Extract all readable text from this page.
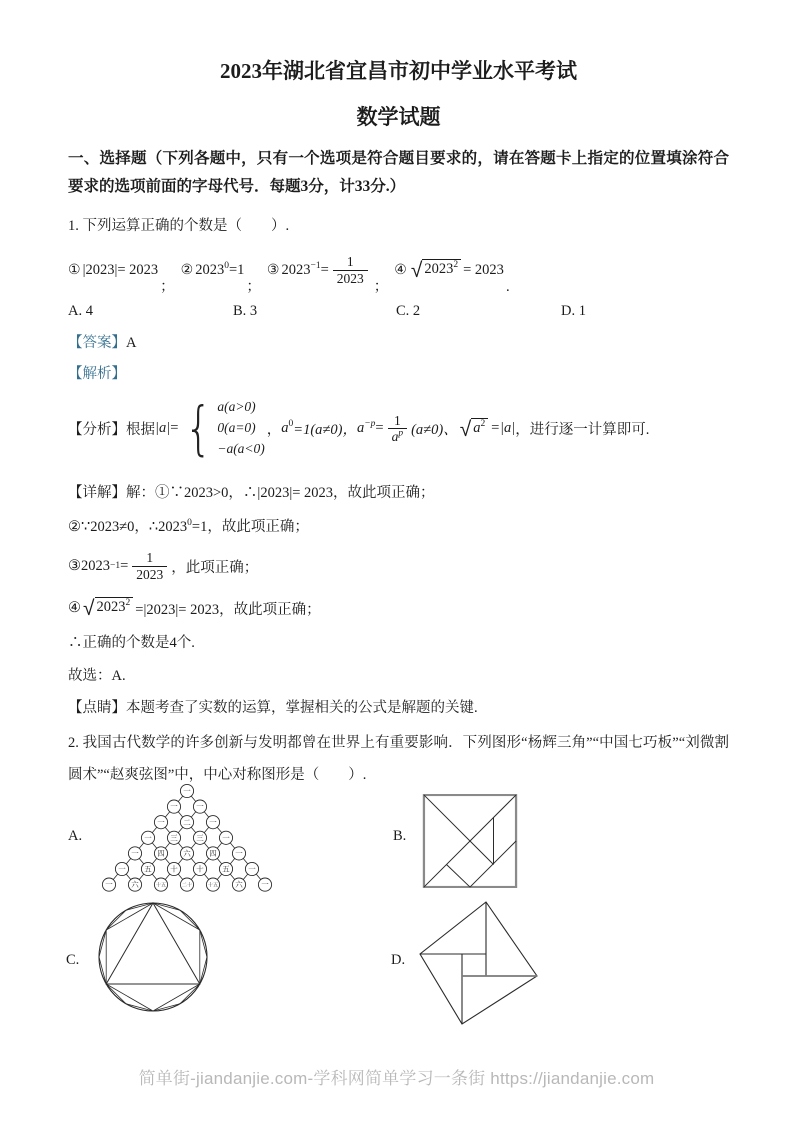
2023年湖北省宜昌市初中学业水平考试
数学试题

一、选择题（下列各题中，只有一个选项是符合题目要求的，请在答题卡上指定的位置填涂符合要求的选项前面的字母代号．每题3分，计33分.）

1. 下列运算正确的个数是（　　）.

① |2023|= 2023
；
② $2023^0=1$
；
③ $2023^{-1}= \frac{1}{2023}$
；
④ √ $2023^2 = 2023$
.
A. 4	B. 3	C. 2	D. 1

【答案】A

【解析】

【分析】 根据 |a| = { a(a>0)
0(a=0)
−a(a<0)
， $a^0 =1(a\ne 0)$， $a^{-p}= \frac{1}{a^p} (a\ne 0)$、 √ $a^2 =|a|$ ，进行逐一计算即可.

【详解】解：①∵2023>0，∴|2023|= 2023，故此项正确；

②∵2023≠0，$\therefore 2023^0=1$，故此项正确；

③2023 $-1 = \frac{1}{2023}$ ，此项正确；
④ √ $2023^2 =|2023|= 2023$，故此项正确；

∴正确的个数是4个.

故选：A.

【点睛】本题考查了实数的运算，掌握相关的公式是解题的关键.

2. 我国古代数学的许多创新与发明都曾在世界上有重要影响．下列图形“杨辉三角”“中国七巧板”“刘微割圆术”“赵爽弦图”中，中心对称图形是（　　）.

A.	B.
C.	D.
一
一 一
一 二 一
一 三 三 一
一 四 六 四 一
一 五 十 十 五 一
一 六	十五	二十	十五 六 一
简单街-jiandanjie.com-学科网简单学习一条街 https://jiandanjie.com
